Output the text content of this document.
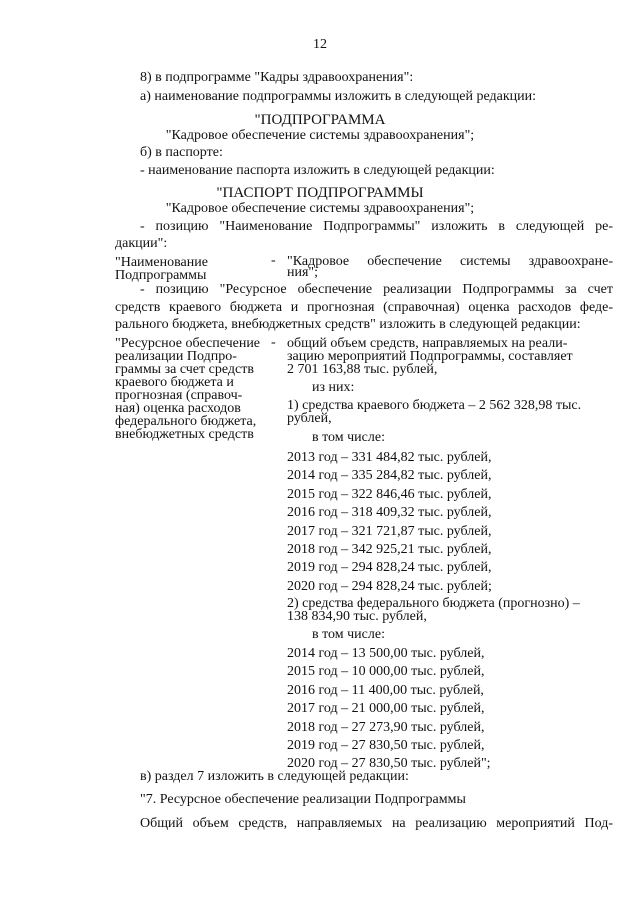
12
8) в подпрограмме "Кадры здравоохранения":
а) наименование подпрограммы изложить в следующей редакции:
"ПОДПРОГРАММА
"Кадровое обеспечение системы здравоохранения";
б) в паспорте:
- наименование паспорта изложить в следующей редакции:
"ПАСПОРТ ПОДПРОГРАММЫ
"Кадровое обеспечение системы здравоохранения";
- позицию "Наименование Подпрограммы" изложить в следующей ре-
дакции":
"Наименование
Подпрограммы
- "Кадровое обеспечение системы здравоохране-
ния";
- позицию "Ресурсное обеспечение реализации Подпрограммы за счет
средств краевого бюджета и прогнозная (справочная) оценка расходов феде-
рального бюджета, внебюджетных средств" изложить в следующей редакции:
"Ресурсное обеспечение
реализации Подпро-
граммы за счет средств
краевого бюджета и
прогнозная (справоч-
ная) оценка расходов
федерального бюджета,
внебюджетных средств
- общий объем средств, направляемых на реали-
зацию мероприятий Подпрограммы, составляет
2 701 163,88 тыс. рублей,
из них:
1) средства краевого бюджета – 2 562 328,98 тыс.
рублей,
в том числе:
2013 год – 331 484,82 тыс. рублей,
2014 год – 335 284,82 тыс. рублей,
2015 год – 322 846,46 тыс. рублей,
2016 год – 318 409,32 тыс. рублей,
2017 год – 321 721,87 тыс. рублей,
2018 год – 342 925,21 тыс. рублей,
2019 год – 294 828,24 тыс. рублей,
2020 год – 294 828,24 тыс. рублей;
2) средства федерального бюджета (прогнозно) –
138 834,90 тыс. рублей,
в том числе:
2014 год – 13 500,00 тыс. рублей,
2015 год – 10 000,00 тыс. рублей,
2016 год – 11 400,00 тыс. рублей,
2017 год – 21 000,00 тыс. рублей,
2018 год – 27 273,90 тыс. рублей,
2019 год – 27 830,50 тыс. рублей,
2020 год – 27 830,50 тыс. рублей";
в) раздел 7 изложить в следующей редакции:
"7. Ресурсное обеспечение реализации Подпрограммы
Общий объем средств, направляемых на реализацию мероприятий Под-
